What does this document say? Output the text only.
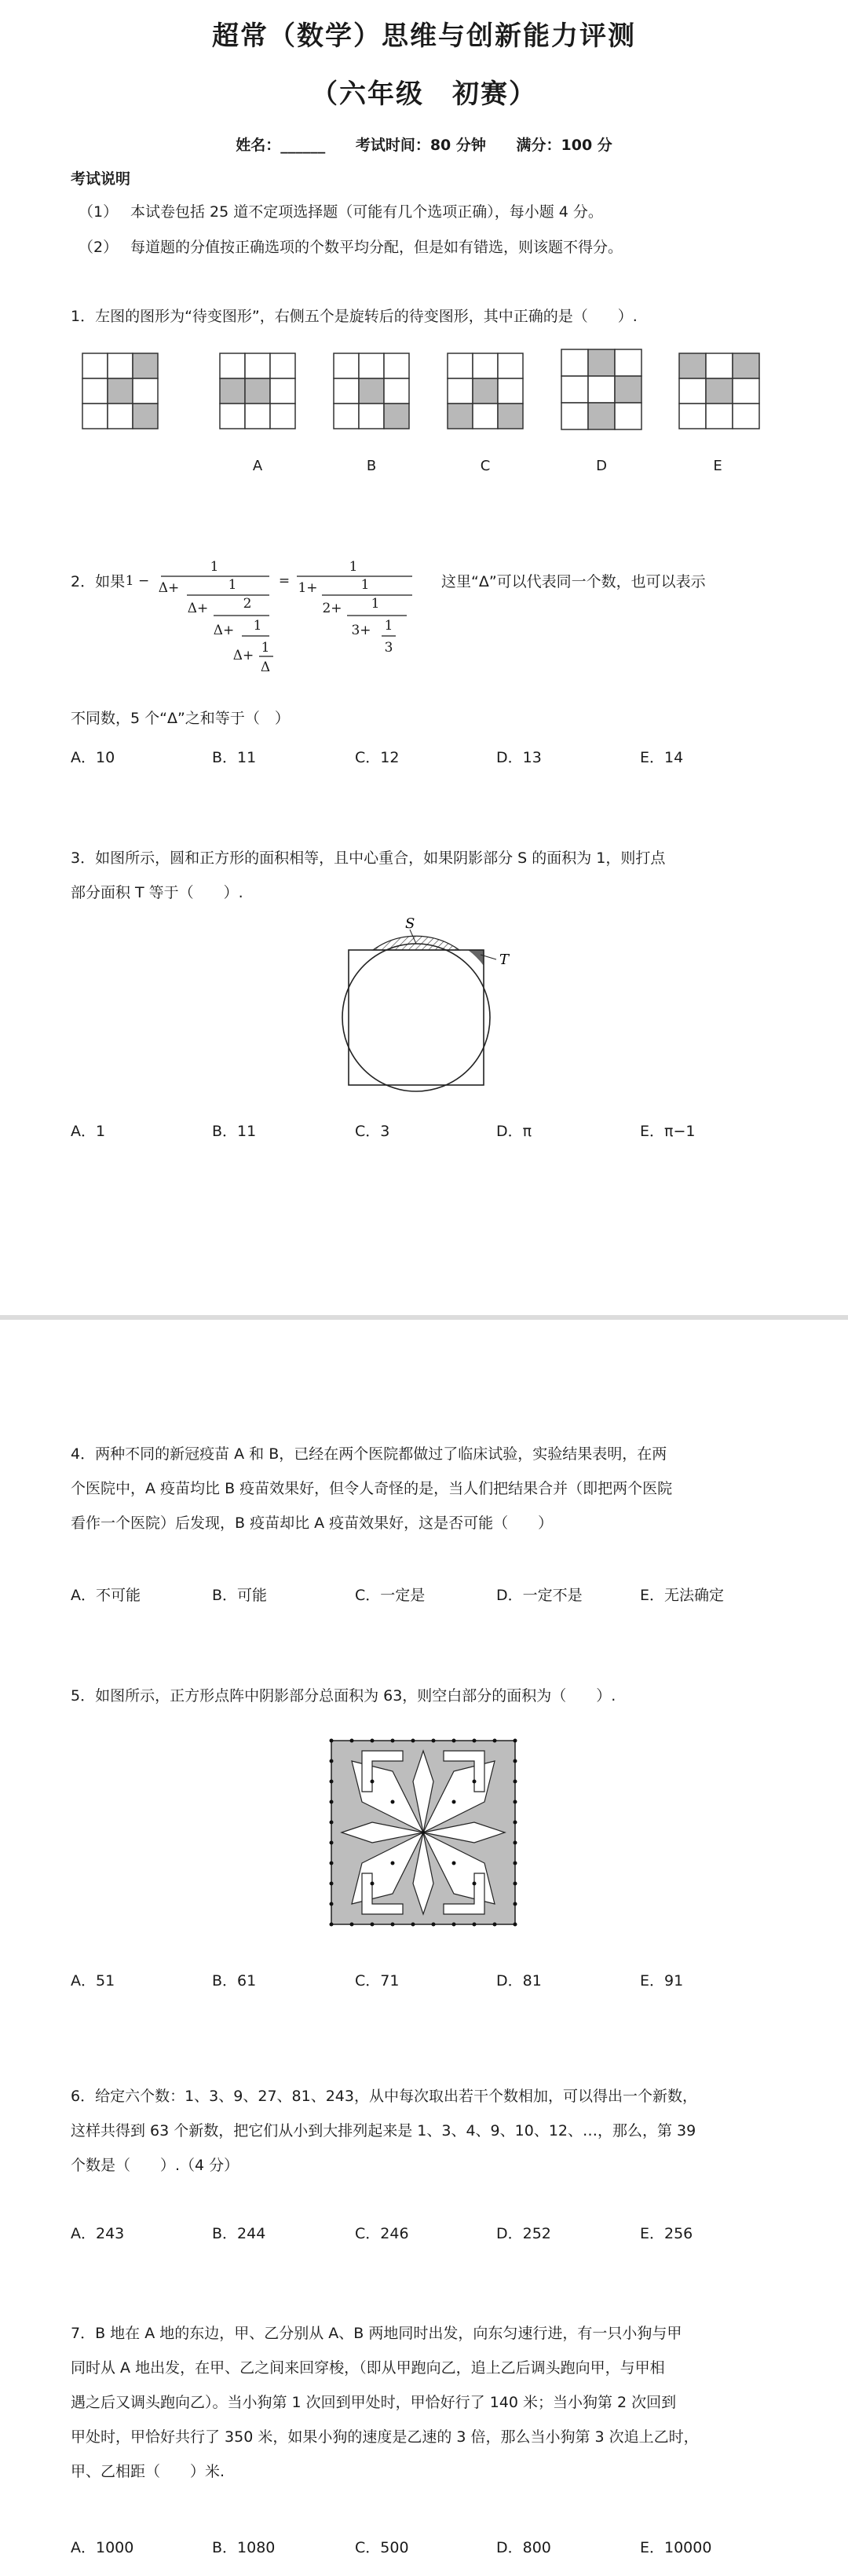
超常（数学）思维与创新能力评测
（六年级　初赛）
姓名：______ 考试时间：80 分钟 满分：100 分
考试说明
（1） 本试卷包括 25 道不定项选择题（可能有几个选项正确），每小题 4 分。
（2） 每道题的分值按正确选项的个数平均分配，但是如有错选，则该题不得分。
1．左图的图形为“待变图形”，右侧五个是旋转后的待变图形，其中正确的是（　　）.
A	B	C	D	E
2．如果 1 −
1
Δ+	1
Δ+	2
Δ+ 1
Δ+ 1
Δ
=
1
1+	1
2+ 1
3+ 1
3
这里“Δ”可以代表同一个数，也可以表示
不同数，5 个“Δ”之和等于（　）
A．10	B．11	C．12	D．13	E．14
3．如图所示，圆和正方形的面积相等，且中心重合，如果阴影部分 S 的面积为 1，则打点
部分面积 T 等于（　　）.
S
T
A．1	B．11	C．3	D．π	E．π−1
4．两种不同的新冠疫苗 A 和 B，已经在两个医院都做过了临床试验，实验结果表明，在两
个医院中，A 疫苗均比 B 疫苗效果好，但令人奇怪的是，当人们把结果合并（即把两个医院
看作一个医院）后发现，B 疫苗却比 A 疫苗效果好，这是否可能（　　）
A．不可能	B．可能	C．一定是	D．一定不是	E．无法确定
5．如图所示，正方形点阵中阴影部分总面积为 63，则空白部分的面积为（　　）.
A．51	B．61	C．71	D．81	E．91
6．给定六个数：1、3、9、27、81、243，从中每次取出若干个数相加，可以得出一个新数，
这样共得到 63 个新数，把它们从小到大排列起来是 1、3、4、9、10、12、…，那么，第 39
个数是（　　）.（4 分）
A．243	B．244	C．246	D．252	E．256
7．B 地在 A 地的东边，甲、乙分别从 A、B 两地同时出发，向东匀速行进，有一只小狗与甲
同时从 A 地出发，在甲、乙之间来回穿梭，（即从甲跑向乙，追上乙后调头跑向甲，与甲相
遇之后又调头跑向乙）。当小狗第 1 次回到甲处时，甲恰好行了 140 米；当小狗第 2 次回到
甲处时，甲恰好共行了 350 米，如果小狗的速度是乙速的 3 倍，那么当小狗第 3 次追上乙时，
甲、乙相距（　　）米.
A．1000	B．1080	C．500	D．800	E．10000
